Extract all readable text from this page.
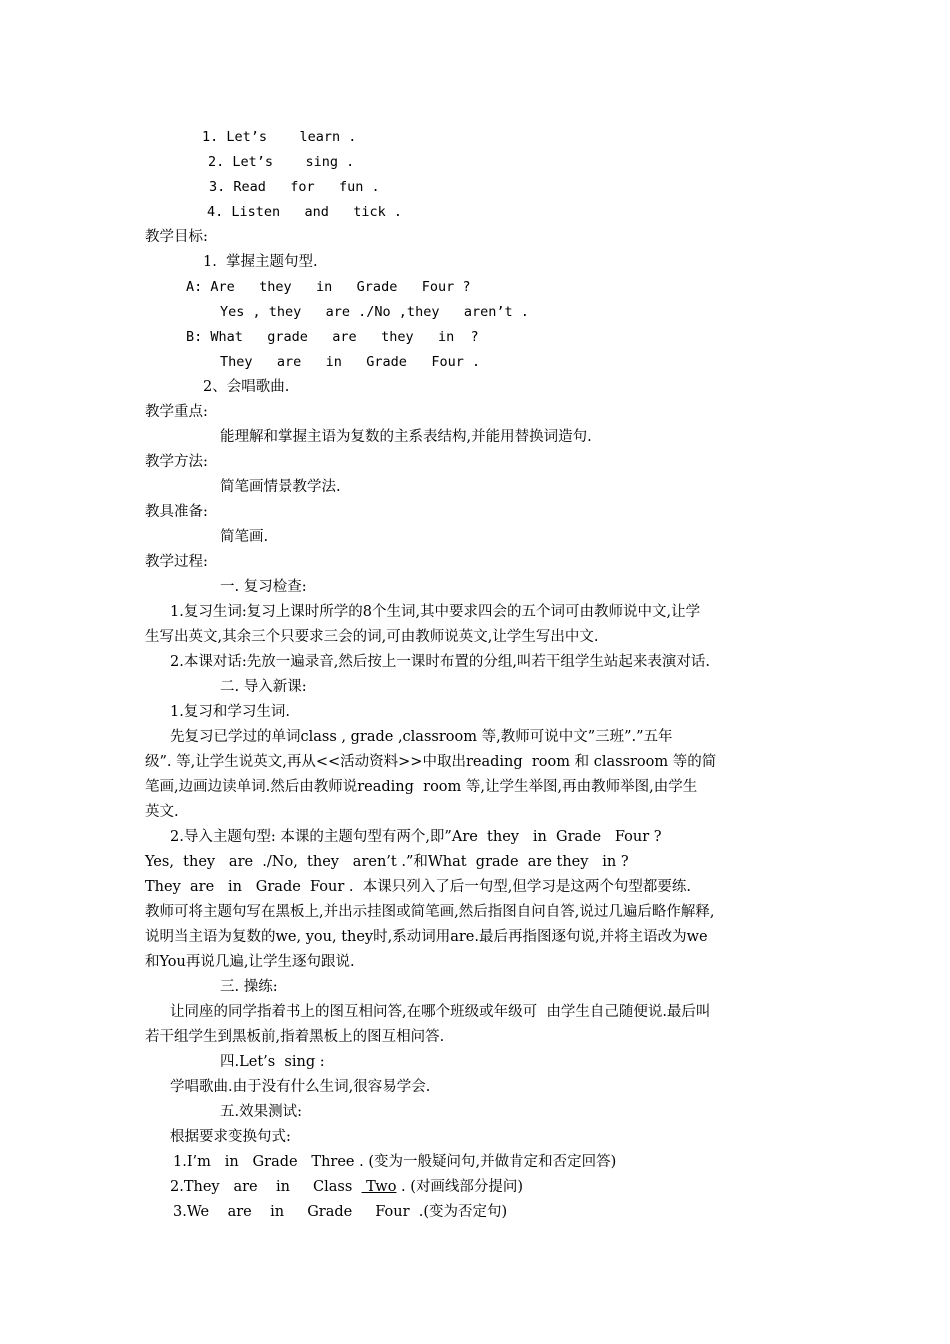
1. Let’s    learn .
2. Let’s    sing .
3. Read   for   fun .
4. Listen   and   tick .
教学目标:
1.  掌握主题句型.
A: Are   they   in   Grade   Four ?
Yes , they   are ./No ,they   aren’t .
B: What   grade   are   they   in  ?
They   are   in   Grade   Four .
2、会唱歌曲.
教学重点:
能理解和掌握主语为复数的主系表结构,并能用替换词造句.
教学方法:
简笔画情景教学法.
教具准备:
简笔画.
教学过程:
一. 复习检查:
1.复习生词:复习上课时所学的8个生词,其中要求四会的五个词可由教师说中文,让学
生写出英文,其余三个只要求三会的词,可由教师说英文,让学生写出中文.
2.本课对话:先放一遍录音,然后按上一课时布置的分组,叫若干组学生站起来表演对话.
二. 导入新课:
1.复习和学习生词.
先复习已学过的单词class , grade ,classroom 等,教师可说中文”三班”.”五年
级”. 等,让学生说英文,再从<<活动资料>>中取出reading  room 和 classroom 等的简
笔画,边画边读单词.然后由教师说reading  room 等,让学生举图,再由教师举图,由学生
英文.
2.导入主题句型: 本课的主题句型有两个,即”Are  they   in  Grade   Four ?
Yes,  they   are  ./No,  they   aren’t .”和What  grade  are they   in ?
They  are   in   Grade  Four .  本课只列入了后一句型,但学习是这两个句型都要练.
教师可将主题句写在黑板上,并出示挂图或简笔画,然后指图自问自答,说过几遍后略作解释,
说明当主语为复数的we, you, they时,系动词用are.最后再指图逐句说,并将主语改为we
和You再说几遍,让学生逐句跟说.
三. 操练:
让同座的同学指着书上的图互相问答,在哪个班级或年级可  由学生自己随便说.最后叫
若干组学生到黑板前,指着黑板上的图互相问答.
四.Let’s  sing :
学唱歌曲.由于没有什么生词,很容易学会.
五.效果测试:
根据要求变换句式:
1.I’m   in   Grade   Three . (变为一般疑问句,并做肯定和否定回答)
2.They   are    in     Class   Two . (对画线部分提问)
3.We    are    in     Grade     Four  .(变为否定句)
